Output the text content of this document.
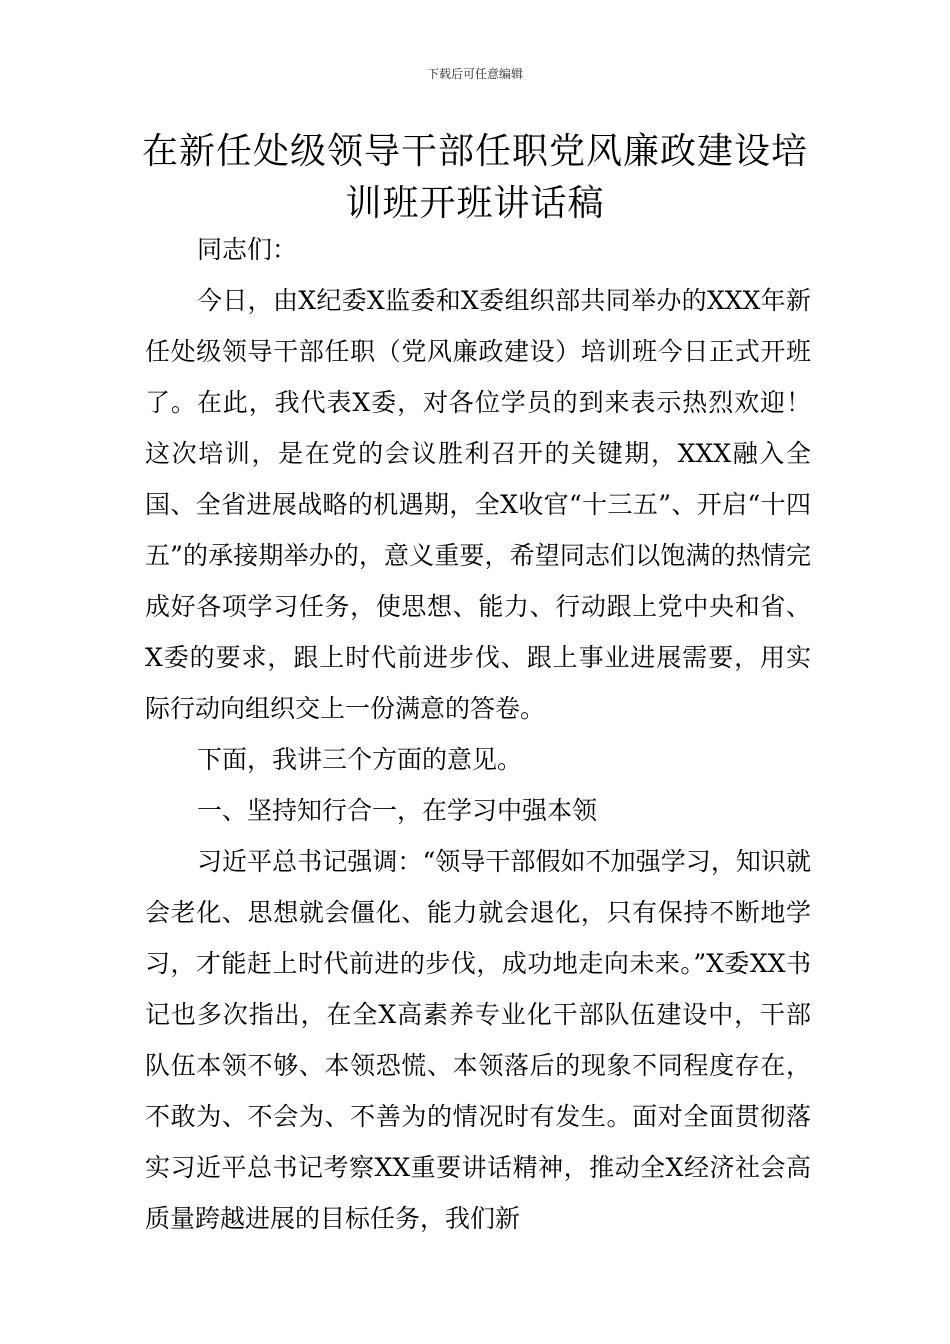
下载后可任意编辑
在新任处级领导干部任职党风廉政建设培
训班开班讲话稿

同志们：

今日，由X纪委X监委和X委组织部共同举办的XXX年新任处级领导干部任职（党风廉政建设）培训班今日正式开班了。在此，我代表X委，对各位学员的到来表示热烈欢迎！这次培训，是在党的会议胜利召开的关键期，XXX融入全国、全省进展战略的机遇期，全X收官“十三五”、开启“十四五”的承接期举办的，意义重要，希望同志们以饱满的热情完成好各项学习任务，使思想、能力、行动跟上党中央和省、X委的要求，跟上时代前进步伐、跟上事业进展需要，用实际行动向组织交上一份满意的答卷。

下面，我讲三个方面的意见。

一、坚持知行合一，在学习中强本领

习近平总书记强调：“领导干部假如不加强学习，知识就会老化、思想就会僵化、能力就会退化，只有保持不断地学习，才能赶上时代前进的步伐，成功地走向未来。”X委XX书记也多次指出，在全X高素养专业化干部队伍建设中，干部队伍本领不够、本领恐慌、本领落后的现象不同程度存在，不敢为、不会为、不善为的情况时有发生。面对全面贯彻落实习近平总书记考察XX重要讲话精神，推动全X经济社会高质量跨越进展的目标任务，我们新
